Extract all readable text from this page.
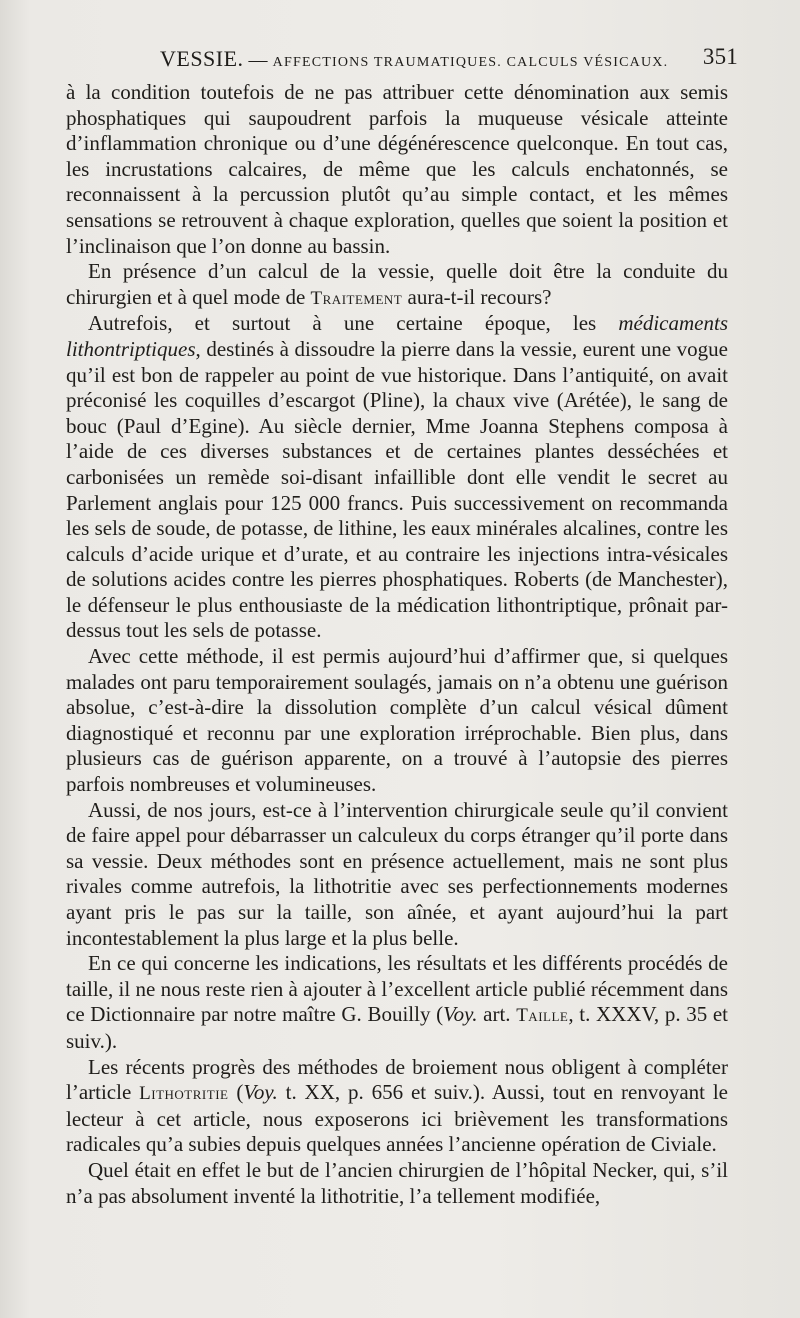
VESSIE. — AFFECTIONS TRAUMATIQUES. CALCULS VÉSICAUX. 351

à la condition toutefois de ne pas attribuer cette dénomination aux semis phosphatiques qui saupoudrent parfois la muqueuse vésicale atteinte d’inflammation chronique ou d’une dégénérescence quelconque. En tout cas, les incrustations calcaires, de même que les calculs enchatonnés, se reconnaissent à la percussion plutôt qu’au simple contact, et les mêmes sensations se retrouvent à chaque exploration, quelles que soient la position et l’inclinaison que l’on donne au bassin.

En présence d’un calcul de la vessie, quelle doit être la conduite du chirurgien et à quel mode de Traitement aura-t-il recours?

Autrefois, et surtout à une certaine époque, les médicaments lithontriptiques, destinés à dissoudre la pierre dans la vessie, eurent une vogue qu’il est bon de rappeler au point de vue historique. Dans l’antiquité, on avait préconisé les coquilles d’escargot (Pline), la chaux vive (Arétée), le sang de bouc (Paul d’Egine). Au siècle dernier, Mme Joanna Stephens composa à l’aide de ces diverses substances et de certaines plantes desséchées et carbonisées un remède soi-disant infaillible dont elle vendit le secret au Parlement anglais pour 125 000 francs. Puis successivement on recommanda les sels de soude, de potasse, de lithine, les eaux minérales alcalines, contre les calculs d’acide urique et d’urate, et au contraire les injections intra-vésicales de solutions acides contre les pierres phosphatiques. Roberts (de Manchester), le défenseur le plus enthousiaste de la médication lithontriptique, prônait par-dessus tout les sels de potasse.

Avec cette méthode, il est permis aujourd’hui d’affirmer que, si quelques malades ont paru temporairement soulagés, jamais on n’a obtenu une guérison absolue, c’est-à-dire la dissolution complète d’un calcul vésical dûment diagnostiqué et reconnu par une exploration irréprochable. Bien plus, dans plusieurs cas de guérison apparente, on a trouvé à l’autopsie des pierres parfois nombreuses et volumineuses.

Aussi, de nos jours, est-ce à l’intervention chirurgicale seule qu’il convient de faire appel pour débarrasser un calculeux du corps étranger qu’il porte dans sa vessie. Deux méthodes sont en présence actuellement, mais ne sont plus rivales comme autrefois, la lithotritie avec ses perfectionnements modernes ayant pris le pas sur la taille, son aînée, et ayant aujourd’hui la part incontestablement la plus large et la plus belle.

En ce qui concerne les indications, les résultats et les différents procédés de taille, il ne nous reste rien à ajouter à l’excellent article publié récemment dans ce Dictionnaire par notre maître G. Bouilly (Voy. art. Taille, t. XXXV, p. 35 et suiv.).

Les récents progrès des méthodes de broiement nous obligent à compléter l’article Lithotritie (Voy. t. XX, p. 656 et suiv.). Aussi, tout en renvoyant le lecteur à cet article, nous exposerons ici brièvement les transformations radicales qu’a subies depuis quelques années l’ancienne opération de Civiale.

Quel était en effet le but de l’ancien chirurgien de l’hôpital Necker, qui, s’il n’a pas absolument inventé la lithotritie, l’a tellement modifiée,
